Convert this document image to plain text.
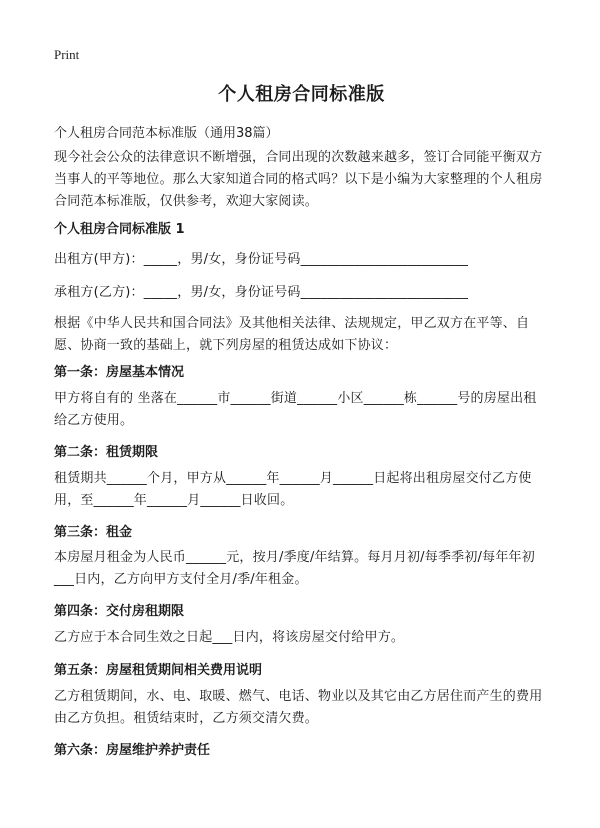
Print
个人租房合同标准版
个人租房合同范本标准版（通用38篇）

现今社会公众的法律意识不断增强，合同出现的次数越来越多，签订合同能平衡双方当事人的平等地位。那么大家知道合同的格式吗？以下是小编为大家整理的个人租房合同范本标准版，仅供参考，欢迎大家阅读。

个人租房合同标准版 1

出租方(甲方)：_____，男/女，身份证号码_________________________

承租方(乙方)：_____，男/女，身份证号码_________________________

根据《中华人民共和国合同法》及其他相关法律、法规规定，甲乙双方在平等、自愿、协商一致的基础上，就下列房屋的租赁达成如下协议：

第一条：房屋基本情况

甲方将自有的 坐落在______市______街道______小区______栋______号的房屋出租给乙方使用。

第二条：租赁期限

租赁期共______个月，甲方从______年______月______日起将出租房屋交付乙方使用，至______年______月______日收回。

第三条：租金

本房屋月租金为人民币______元，按月/季度/年结算。每月月初/每季季初/每年年初___日内，乙方向甲方支付全月/季/年租金。

第四条：交付房租期限

乙方应于本合同生效之日起___日内，将该房屋交付给甲方。

第五条：房屋租赁期间相关费用说明

乙方租赁期间，水、电、取暖、燃气、电话、物业以及其它由乙方居住而产生的费用由乙方负担。租赁结束时，乙方须交清欠费。

第六条：房屋维护养护责任
